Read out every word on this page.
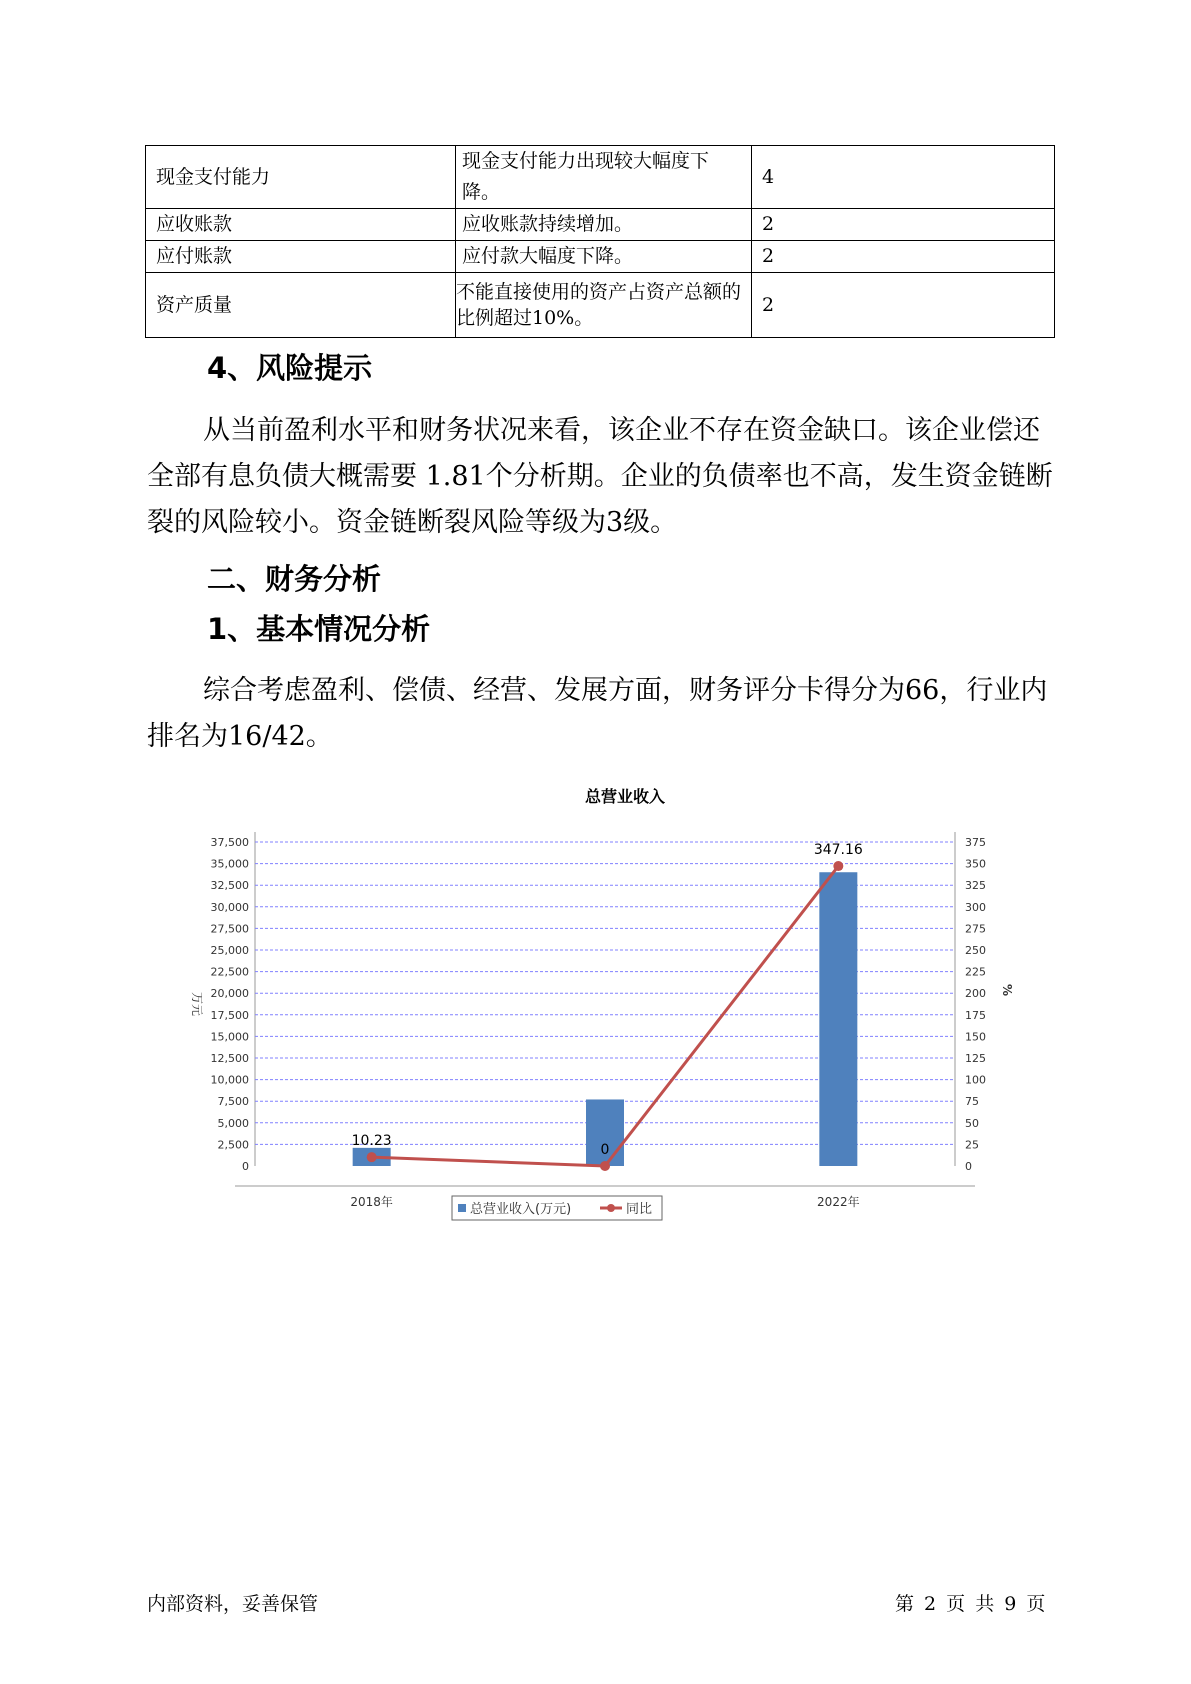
现金支付能力	现金支付能力出现较大幅度下降。	4
应收账款	应收账款持续增加。	2
应付账款	应付款大幅度下降。	2
资产质量	不能直接使用的资产占资产总额的比例超过10%。	2
4、风险提示

从当前盈利水平和财务状况来看，该企业不存在资金缺口。该企业偿还全部有息负债大概需要 1.81个分析期。企业的负债率也不高，发生资金链断裂的风险较小。资金链断裂风险等级为3级。

二、财务分析
1、基本情况分析

综合考虑盈利、偿债、经营、发展方面，财务评分卡得分为66，行业内排名为16/42。

总营业收入
0
2,500
5,000
7,500
10,000
12,500
15,000
17,500
20,000
22,500
25,000
27,500
30,000
32,500
35,000
37,500
0
25
50
75
100
125
150
175
200
225
250
275
300
325
350
375
万元
%
2018年	2022年
10.23
0
347.16
总营业收入(万元)	同比
内部资料，妥善保管	第 2 页 共 9 页
